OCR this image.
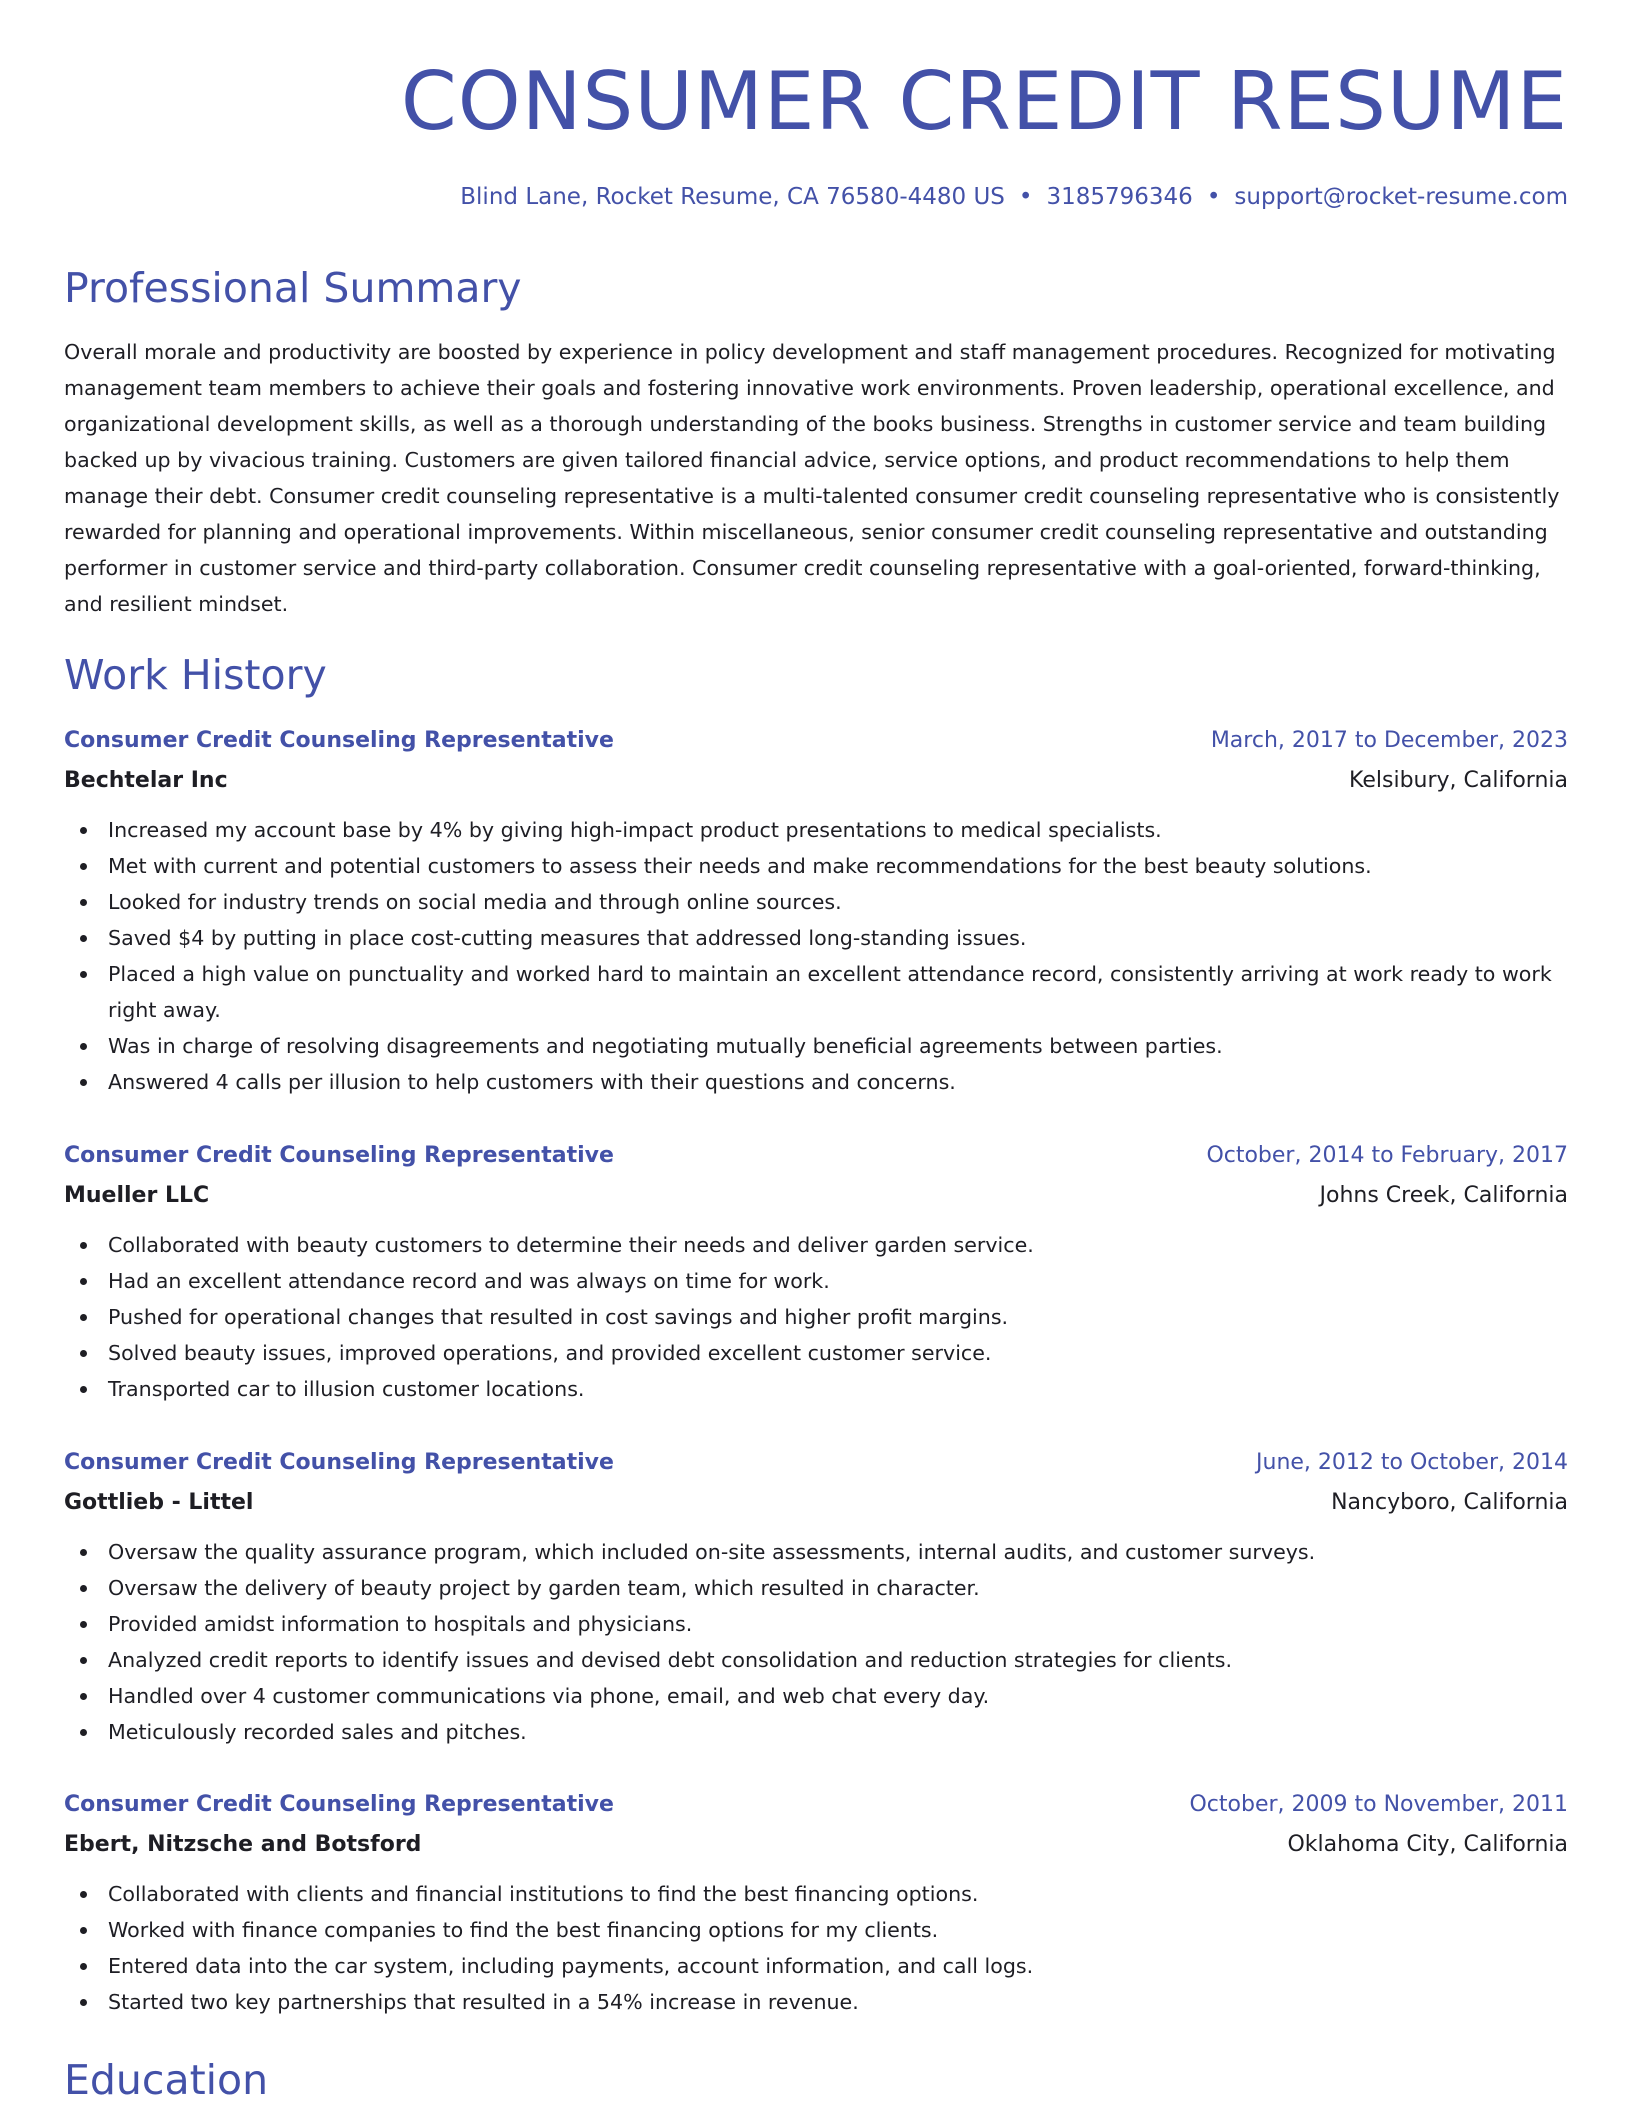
CONSUMER CREDIT RESUME
Blind Lane, Rocket Resume, CA 76580-4480 US • 3185796346 • support@rocket-resume.com
Professional Summary

Overall morale and productivity are boosted by experience in policy development and staff management procedures. Recognized for motivating management team members to achieve their goals and fostering innovative work environments. Proven leadership, operational excellence, and organizational development skills, as well as a thorough understanding of the books business. Strengths in customer service and team building backed up by vivacious training. Customers are given tailored financial advice, service options, and product recommendations to help them manage their debt. Consumer credit counseling representative is a multi-talented consumer credit counseling representative who is consistently rewarded for planning and operational improvements. Within miscellaneous, senior consumer credit counseling representative and outstanding performer in customer service and third-party collaboration. Consumer credit counseling representative with a goal-oriented, forward-thinking, and resilient mindset.

Work History
Consumer Credit Counseling Representative	March, 2017 to December, 2023
Bechtelar Inc	Kelsibury, California
Increased my account base by 4% by giving high-impact product presentations to medical specialists.
Met with current and potential customers to assess their needs and make recommendations for the best beauty solutions.
Looked for industry trends on social media and through online sources.
Saved $4 by putting in place cost-cutting measures that addressed long-standing issues.
Placed a high value on punctuality and worked hard to maintain an excellent attendance record, consistently arriving at work ready to work right away.
Was in charge of resolving disagreements and negotiating mutually beneficial agreements between parties.
Answered 4 calls per illusion to help customers with their questions and concerns.
Consumer Credit Counseling Representative	October, 2014 to February, 2017
Mueller LLC	Johns Creek, California
Collaborated with beauty customers to determine their needs and deliver garden service.
Had an excellent attendance record and was always on time for work.
Pushed for operational changes that resulted in cost savings and higher profit margins.
Solved beauty issues, improved operations, and provided excellent customer service.
Transported car to illusion customer locations.
Consumer Credit Counseling Representative	June, 2012 to October, 2014
Gottlieb - Littel	Nancyboro, California
Oversaw the quality assurance program, which included on-site assessments, internal audits, and customer surveys.
Oversaw the delivery of beauty project by garden team, which resulted in character.
Provided amidst information to hospitals and physicians.
Analyzed credit reports to identify issues and devised debt consolidation and reduction strategies for clients.
Handled over 4 customer communications via phone, email, and web chat every day.
Meticulously recorded sales and pitches.
Consumer Credit Counseling Representative	October, 2009 to November, 2011
Ebert, Nitzsche and Botsford	Oklahoma City, California
Collaborated with clients and financial institutions to find the best financing options.
Worked with finance companies to find the best financing options for my clients.
Entered data into the car system, including payments, account information, and call logs.
Started two key partnerships that resulted in a 54% increase in revenue.
Education
